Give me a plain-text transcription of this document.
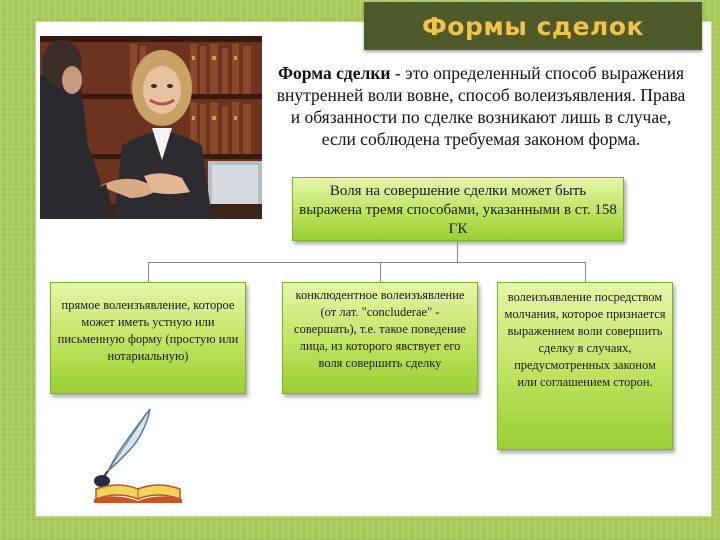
Формы сделок
Форма сделки - это определенный способ выражения внутренней воли вовне, способ волеизъявления. Права и обязанности по сделке возникают лишь в случае, если соблюдена требуемая законом форма.
Воля на совершение сделки может быть выражена тремя способами, указанными в ст. 158 ГК
прямое волеизъявление, которое может иметь устную или письменную форму (простую или нотариальную)
конклюдентное волеизъявление (от лат. "concluderae" - совершать), т.е. такое поведение лица, из которого явствует его воля совершить сделку
волеизъявление посредством молчания, которое признается выражением воли совершить сделку в случаях, предусмотренных законом или соглашением сторон.
